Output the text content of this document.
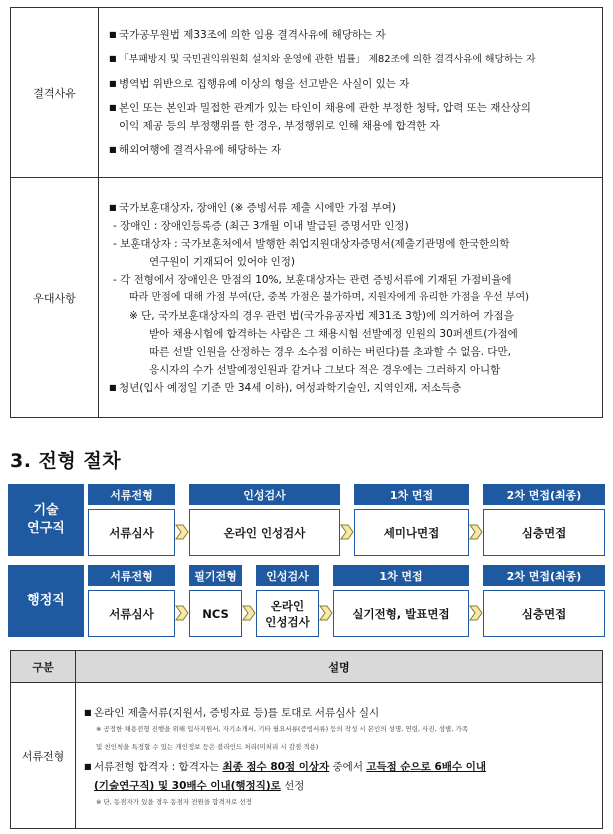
결격사유
■ 국가공무원법 제33조에 의한 임용 결격사유에 해당하는 자
■ 「부패방지 및 국민권익위원회 설치와 운영에 관한 법률」 제82조에 의한 결격사유에 해당하는 자
■ 병역법 위반으로 집행유예 이상의 형을 선고받은 사실이 있는 자
■ 본인 또는 본인과 밀접한 관계가 있는 타인이 채용에 관한 부정한 청탁, 압력 또는 재산상의
이익 제공 등의 부정행위를 한 경우, 부정행위로 인해 채용에 합격한 자
■ 해외여행에 결격사유에 해당하는 자
우대사항
■ 국가보훈대상자, 장애인 (※ 증빙서류 제출 시에만 가점 부여)
- 장애인 : 장애인등록증 (최근 3개월 이내 발급된 증명서만 인정)
- 보훈대상자 : 국가보훈처에서 발행한 취업지원대상자증명서(제출기관명에 한국한의학
연구원이 기재되어 있어야 인정)
- 각 전형에서 장애인은 만점의 10%, 보훈대상자는 관련 증빙서류에 기재된 가점비율에
따라 만점에 대해 가점 부여(단, 중복 가점은 불가하며, 지원자에게 유리한 가점을 우선 부여)
※ 단, 국가보훈대상자의 경우 관련 법(국가유공자법 제31조 3항)에 의거하여 가점을
받아 채용시험에 합격하는 사람은 그 채용시험 선발예정 인원의 30퍼센트(가점에
따른 선발 인원을 산정하는 경우 소수점 이하는 버린다)를 초과할 수 없음. 다만,
응시자의 수가 선발예정인원과 같거나 그보다 적은 경우에는 그러하지 아니함
■ 청년(입사 예정일 기준 만 34세 이하), 여성과학기술인, 지역인재, 저소득층
3. 전형 절차
기술
연구직
서류전형
서류심사
인성검사
온라인 인성검사
1차 면접
세미나면접
2차 면접(최종)
심층면접
행정직
서류전형
서류심사
필기전형
NCS
인성검사
온라인
인성검사
1차 면접
실기전형, 발표면접
2차 면접(최종)
심층면접
구분	설명
서류전형
■ 온라인 제출서류(지원서, 증빙자료 등)를 토대로 서류심사 실시
※ 공정한 채용전형 진행을 위해 입사지원서, 자기소개서, 기타 필요서류(증빙서류) 등의 작성 시 본인의 성명, 연령, 사진, 성별, 가족
및 친인척을 특정할 수 있는 개인정보 등은 블라인드 처리(미처리 시 감점 적용)
■ 서류전형 합격자 : 합격자는 최종 점수 80점 이상자 중에서 고득점 순으로 6배수 이내
(기술연구직) 및 30배수 이내(행정직)로 선정
※ 단, 동점자가 있을 경우 동점자 전원을 합격자로 선정
